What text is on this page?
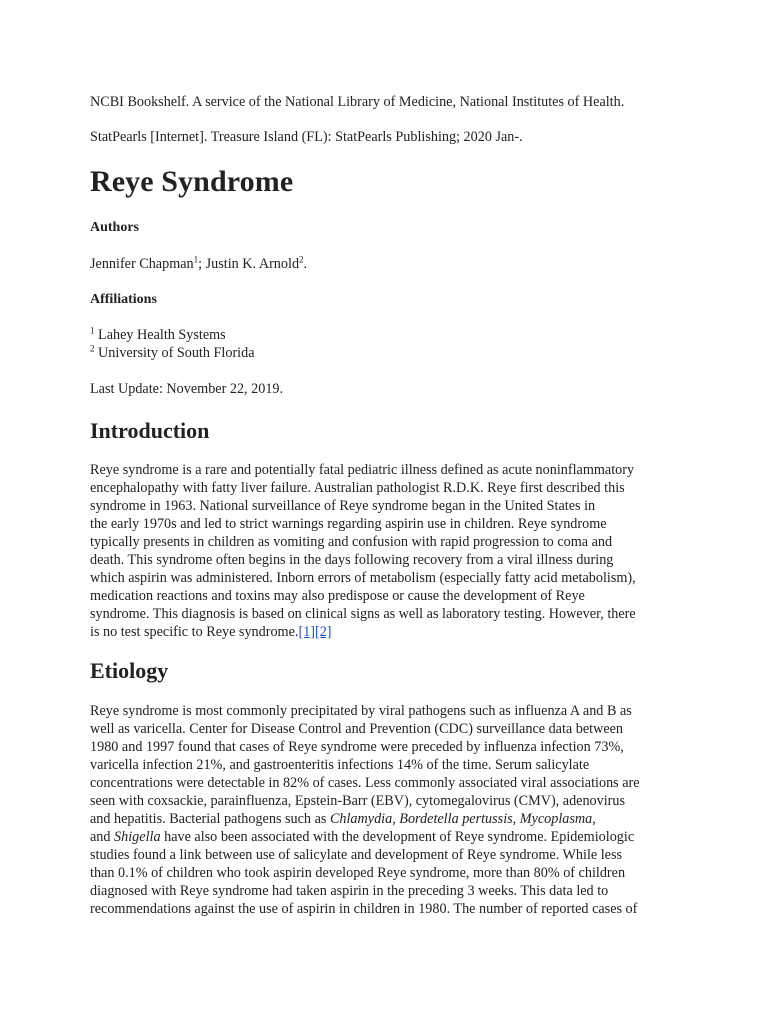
NCBI Bookshelf. A service of the National Library of Medicine, National Institutes of Health.

StatPearls [Internet]. Treasure Island (FL): StatPearls Publishing; 2020 Jan-.

Reye Syndrome

Authors

Jennifer Chapman$^1$; Justin K. Arnold$^2$.

Affiliations

$^1$ Lahey Health Systems

$^2$ University of South Florida

Last Update: November 22, 2019.

Introduction
Reye syndrome is a rare and potentially fatal pediatric illness defined as acute noninflammatory
encephalopathy with fatty liver failure. Australian pathologist R.D.K. Reye first described this
syndrome in 1963. National surveillance of Reye syndrome began in the United States in
the early 1970s and led to strict warnings regarding aspirin use in children. Reye syndrome
typically presents in children as vomiting and confusion with rapid progression to coma and
death. This syndrome often begins in the days following recovery from a viral illness during
which aspirin was administered. Inborn errors of metabolism (especially fatty acid metabolism),
medication reactions and toxins may also predispose or cause the development of Reye
syndrome. This diagnosis is based on clinical signs as well as laboratory testing. However, there
is no test specific to Reye syndrome.[1][2]
Etiology
Reye syndrome is most commonly precipitated by viral pathogens such as influenza A and B as
well as varicella. Center for Disease Control and Prevention (CDC) surveillance data between
1980 and 1997 found that cases of Reye syndrome were preceded by influenza infection 73%,
varicella infection 21%, and gastroenteritis infections 14% of the time. Serum salicylate
concentrations were detectable in 82% of cases. Less commonly associated viral associations are
seen with coxsackie, parainfluenza, Epstein-Barr (EBV), cytomegalovirus (CMV), adenovirus
and hepatitis. Bacterial pathogens such as Chlamydia, Bordetella pertussis, Mycoplasma,
and Shigella have also been associated with the development of Reye syndrome. Epidemiologic
studies found a link between use of salicylate and development of Reye syndrome. While less
than 0.1% of children who took aspirin developed Reye syndrome, more than 80% of children
diagnosed with Reye syndrome had taken aspirin in the preceding 3 weeks. This data led to
recommendations against the use of aspirin in children in 1980. The number of reported cases of
